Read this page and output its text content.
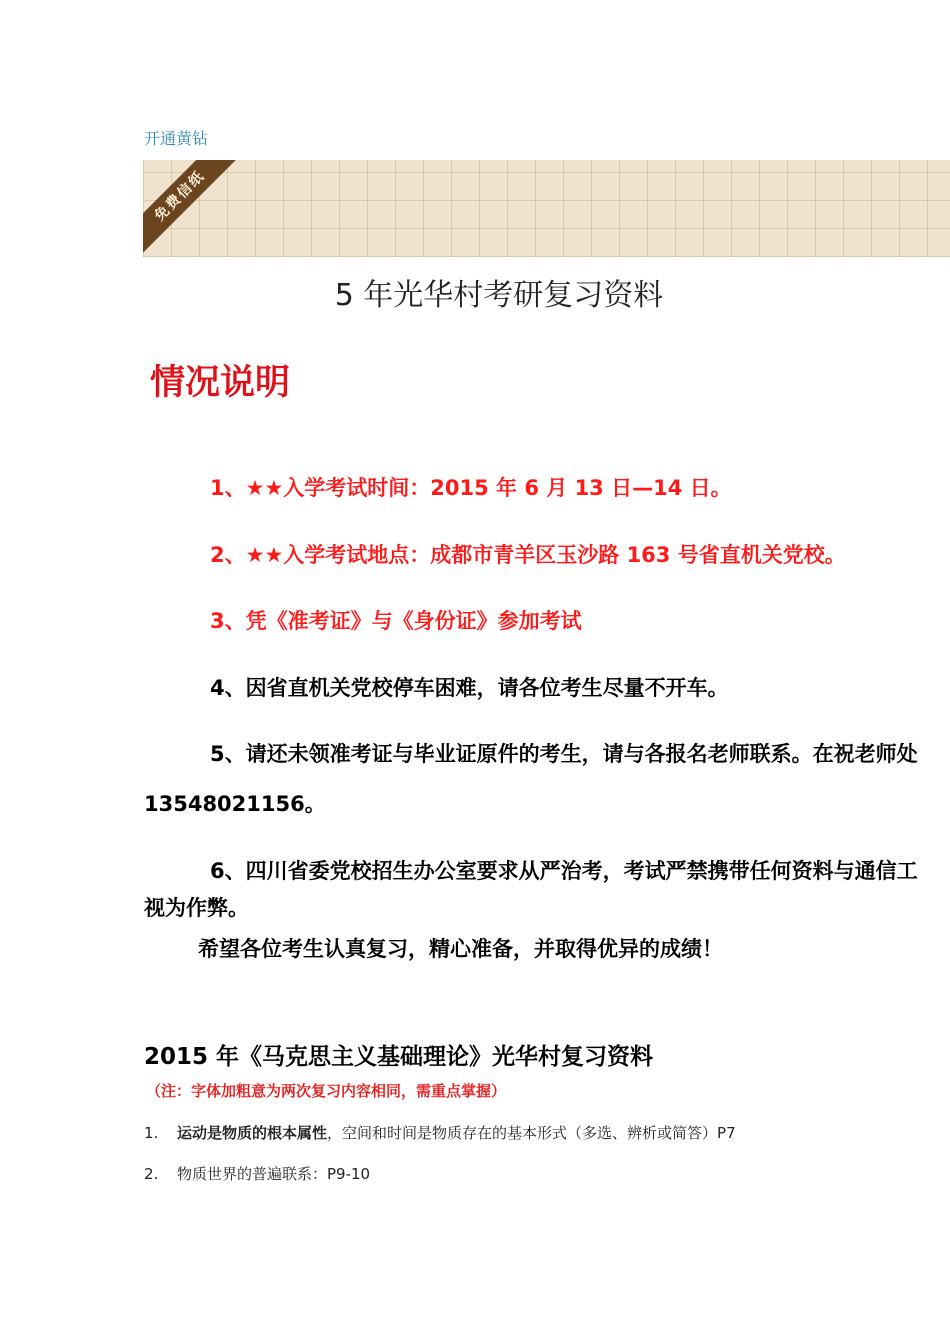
开通黄钻
免费信纸
5 年光华村考研复习资料
情况说明
1、★★入学考试时间：2015 年 6 月 13 日—14 日。
2、★★入学考试地点：成都市青羊区玉沙路 163 号省直机关党校。
3、凭《准考证》与《身份证》参加考试
4、因省直机关党校停车困难，请各位考生尽量不开车。
5、请还未领准考证与毕业证原件的考生，请与各报名老师联系。在祝老师处
13548021156。
6、四川省委党校招生办公室要求从严治考，考试严禁携带任何资料与通信工
视为作弊。
希望各位考生认真复习，精心准备，并取得优异的成绩！
2015 年《马克思主义基础理论》光华村复习资料
（注：字体加粗意为两次复习内容相同，需重点掌握）
1. 运动是物质的根本属性，空间和时间是物质存在的基本形式（多选、辨析或简答）P7
2. 物质世界的普遍联系：P9-10
